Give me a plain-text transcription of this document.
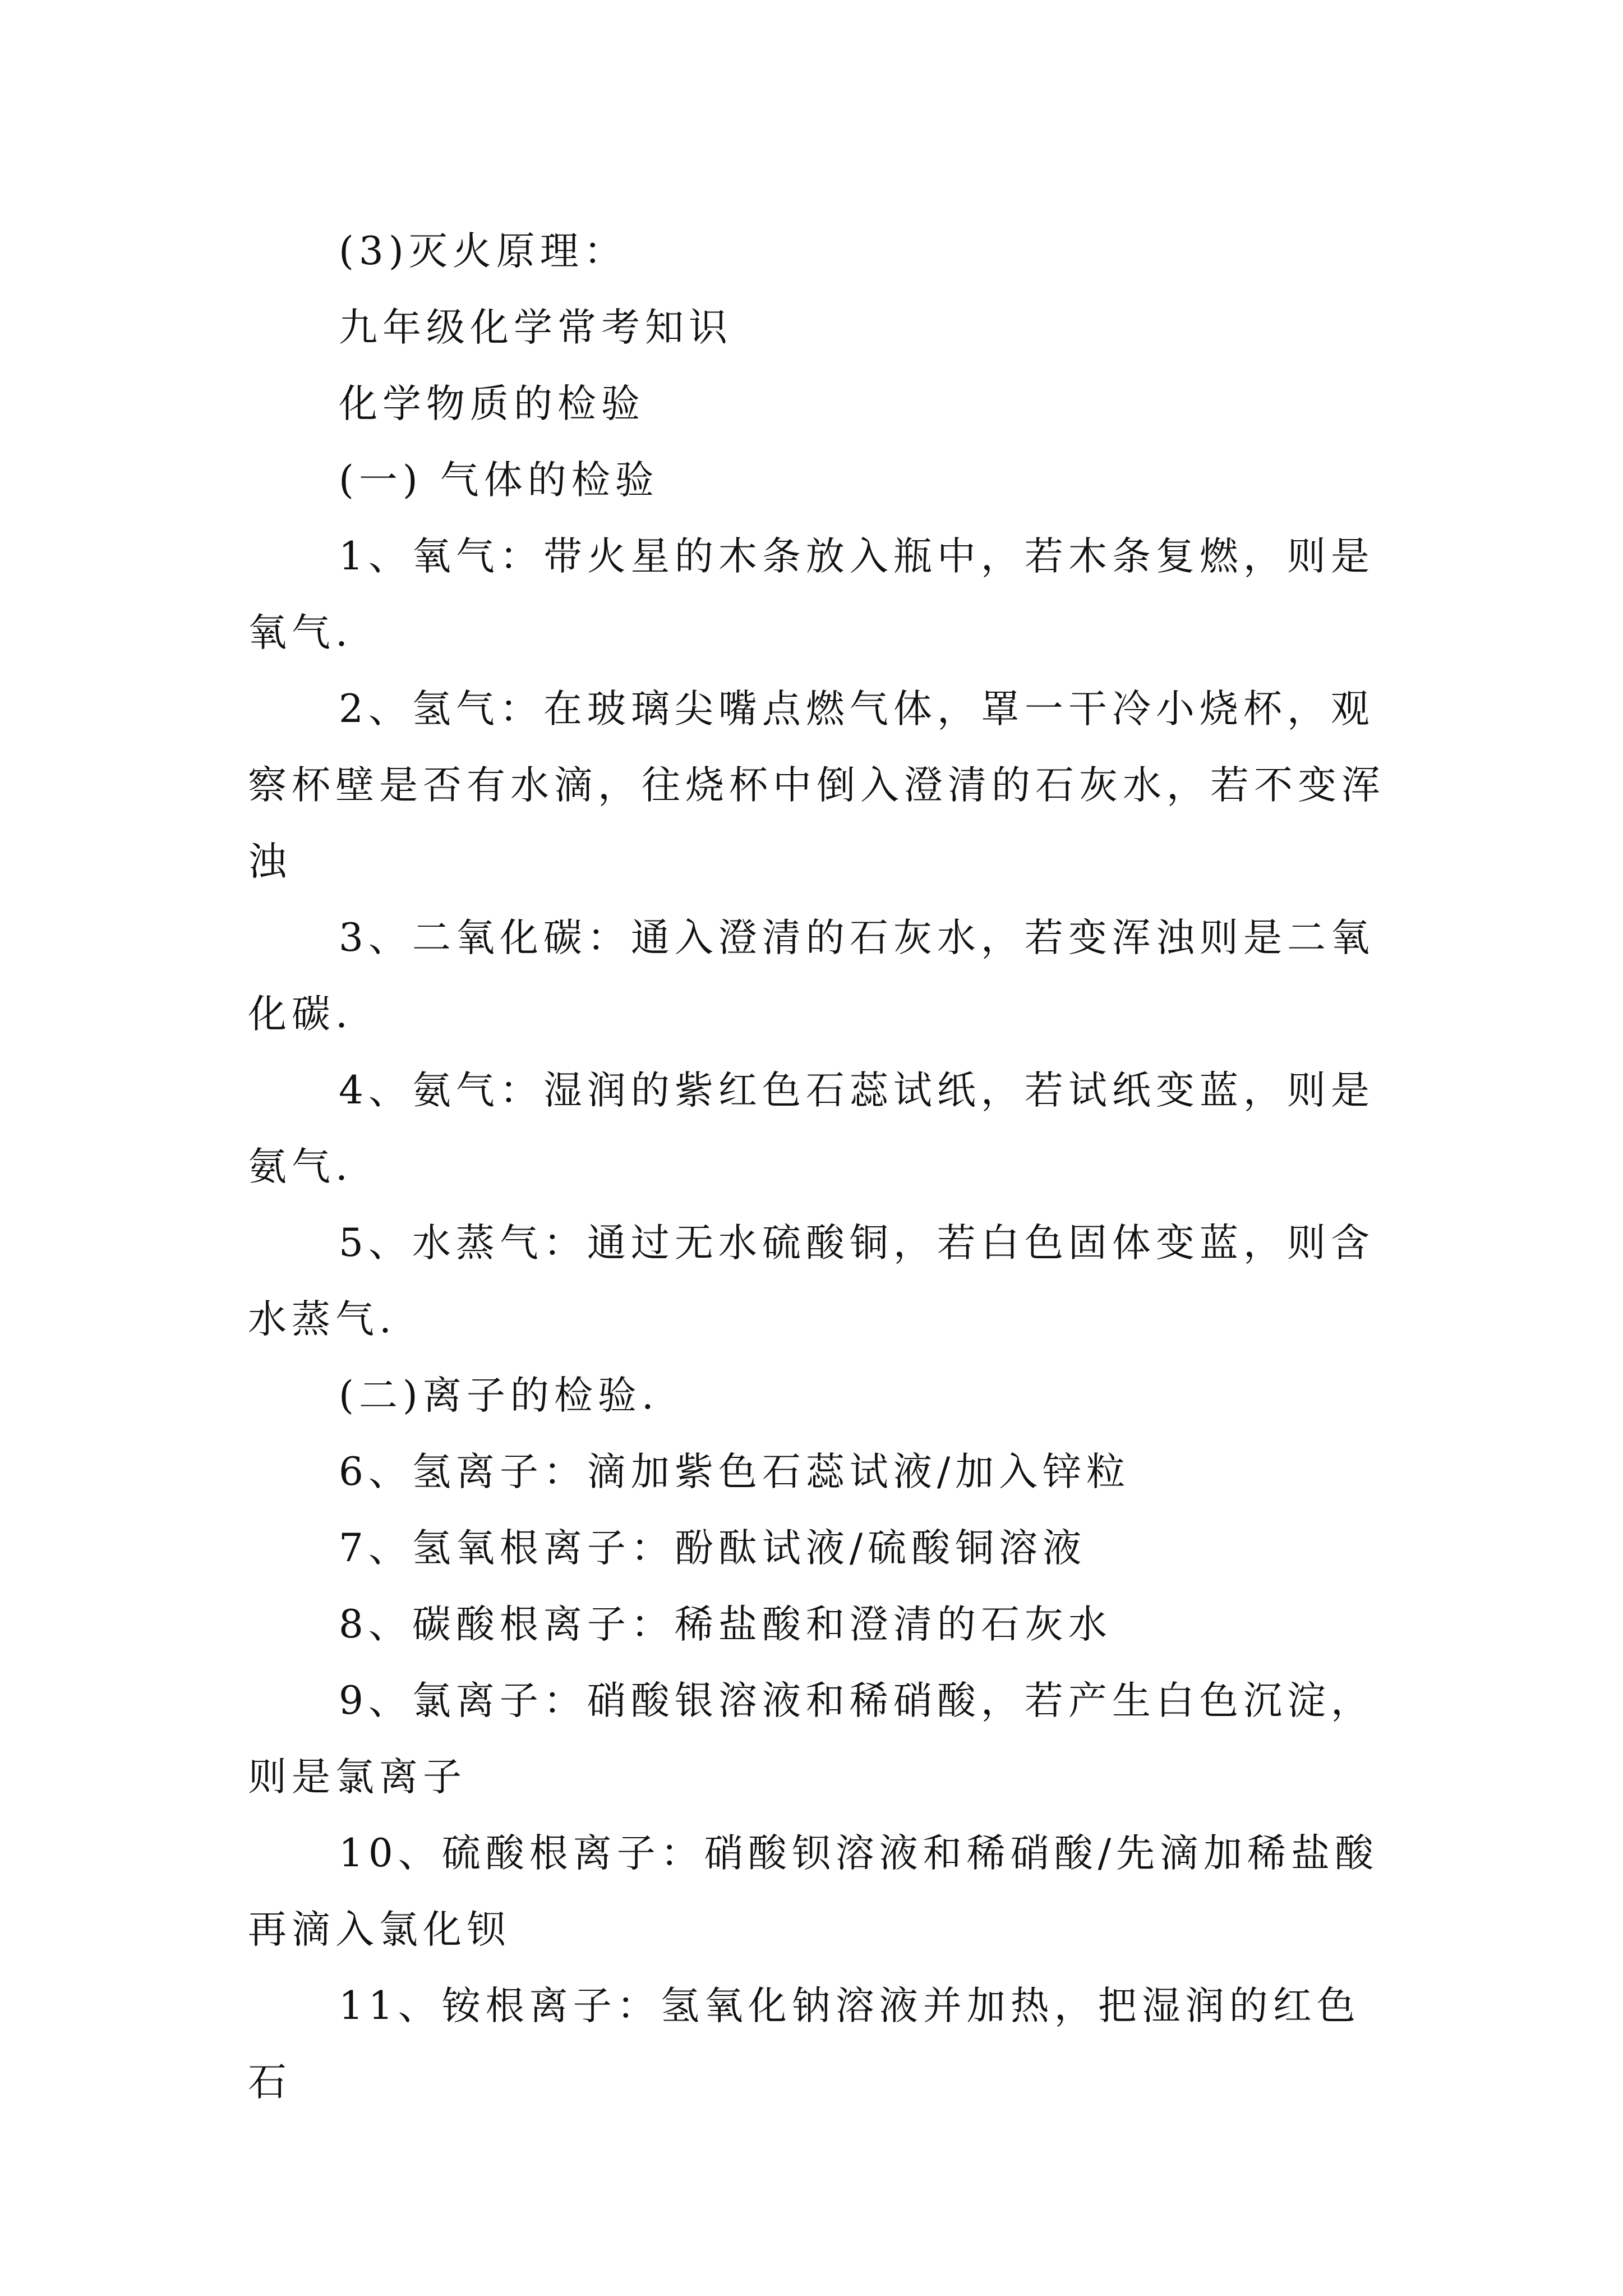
(3)灭火原理：

九年级化学常考知识

化学物质的检验

(一) 气体的检验

1、氧气：带火星的木条放入瓶中，若木条复燃，则是氧气.

2、氢气：在玻璃尖嘴点燃气体，罩一干冷小烧杯，观察杯壁是否有水滴，往烧杯中倒入澄清的石灰水，若不变浑浊

3、二氧化碳：通入澄清的石灰水，若变浑浊则是二氧化碳.

4、氨气：湿润的紫红色石蕊试纸，若试纸变蓝，则是氨气.

5、水蒸气：通过无水硫酸铜，若白色固体变蓝，则含水蒸气.

(二)离子的检验.

6、氢离子：滴加紫色石蕊试液/加入锌粒

7、氢氧根离子：酚酞试液/硫酸铜溶液

8、碳酸根离子：稀盐酸和澄清的石灰水

9、氯离子：硝酸银溶液和稀硝酸，若产生白色沉淀，则是氯离子

10、硫酸根离子：硝酸钡溶液和稀硝酸/先滴加稀盐酸再滴入氯化钡

11、铵根离子：氢氧化钠溶液并加热，把湿润的红色石
